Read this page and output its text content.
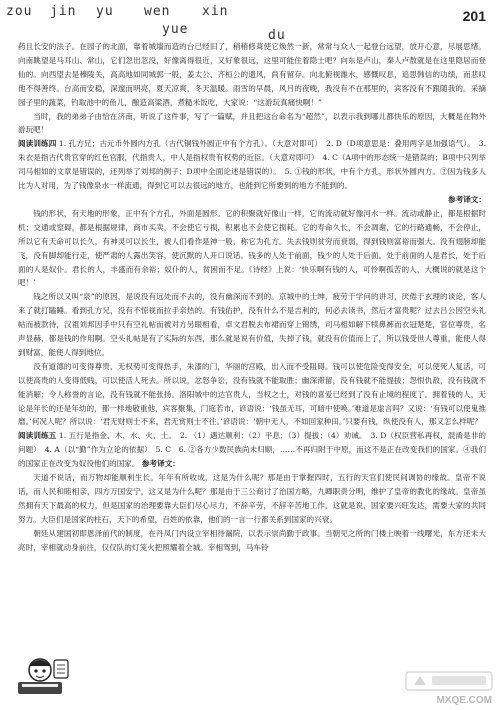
zou jin yu wen xin
yue	du
201

药且长安的法子。在园子的北面，靠着城墙而造的台已经旧了，稍稍修葺使它焕然一新，常常与众人一起登台远望，放开心意，尽展思绪。向南眺望是马耳山、常山，它们忽出忽没，好像离得很近，又好象很远，这里可能住着隐士吧？向东是卢山，秦人卢敖就是在这里隐居而登仙的。向西望去是穆陵关，高高地如同城郭一般，姜太公、齐桓公的遗风，尚有留存。向北俯视潍水，感慨叹息，追思韩信的功绩，而悲叹他不得善终。台高而安稳，深邃而明亮，夏天凉爽，冬天温暖。雨雪的早晨，风月的夜晚，我没有不在那里的，宾客没有不跟随我的。采摘园子里的蔬菜，钓取池中的鱼儿，酿造高粱酒，煮糙米饭吃，大家说：“这游玩真痛快啊！”

当时，我的弟弟子由恰在济南，听说了这件事，写了一篇赋，并且把这台命名为“超然”，以表示我到哪儿都快乐的原因，大概是在物外游玩吧！

阅读训练四 1. 孔方兄；古元币外圆内方孔（古代铜钱外圆正中有个方孔）。（大意对即可）　2. D（D项意思是：叠用两字是加强语气）。　3. 朱衣是指古代贵官穿的红色官服，代指贵人，中人是指权贵有权势的近臣。（大意对即可）　4. C（A项中的形态统一是错误的；B项中只列举司马相如的文章是错误的，还列举了刘邦的例子；D项中全面论述是错误的）。　5. ①钱的形状，中有个方孔，形状外圆内方。②因为钱多人比为人对用，为了钱像泉水一样流通，得到它可以去很远的地方，也能到它所要到的地方不能到的。

参考译文：

钱的形状，有天地的形象，正中有个方孔，外面是圆形。它的积聚就好像山一样，它的流动就好像河水一样。流动或静止，都是根据时机；交通或窒碍，都是根据规律，商市买卖，不会使它亏损，积累也不会使它损耗。它的寿命久长，不会凋谢，它的行路通畅，不会停止，所以它有天命可以长久，有神灵可以长生，被人们看作是神一般，称它为孔方。失去钱则贫穷而衰弱，得到钱则富裕而强大。没有翅膀却能飞，没有脚却能行走，使严肃的人露出笑容，使沉默的人开口说话。钱多的人处于前面，钱少的人处于后面。处于前面的人是君长，处于后面的人是奴仆。君长的人，丰盛而有余裕；奴仆的人，贫困而不足。《诗经》上说：‘快乐啊有钱的人，可怜啊孤苦的人，大概说的就是这个吧！’

钱之所以又叫“泉”的原因，是说没有远处而不去的，没有幽深而不到的。京城中的士绅，疲劳于学问的讲习，厌倦于玄理的谈论，客人来了就打瞌睡。看到孔方兄，没有不惊视而拉手亲热的。有钱佑护，没有什么不是吉利的，何必去读书，然后才富贵呢？过去吕公因空头礼帖而被款待，汉祖刘邦因手中只有空礼帖而被对方另眼相看，卓文君脱去布裙而穿上锦绣，司马相如解下犊鼻裤而衣冠楚楚，官位尊贵，名声显赫，都是钱的作用啊。空头礼帖是有了实际的东西，那么就是说有价值，失掉了钱，就没有价值而上了，所以钱受世人尊重，能使人得到财富，能使人得到地位。

没有道德的可变得尊贵，无权势可变得热手，朱漆的门，华丽的宫殿，出入而不受阻碍。钱可以使危险变得安全，可以使死人复活，可以使高贵的人变得低贱，可以使活人死去。所以说，忿怒争讼，没有钱就不能取胜；幽深滞留，没有钱就不能提拔；怨恨仇敌，没有钱就不能消解；令人称誉的言论，没有钱就不能张扬。洛阳城中的达官贵人，当权之士，对钱的喜爱已经到了没有止境的程度了。拥着钱的人，无论是年长的还是年幼的，都一样地敬重他，宾客聚集，门庭若市，谚语说：‘钱虽无耳，可暗中使唤。’难道是虚言吗？又说：‘有钱可以使鬼推磨。’何况人呢？所以说：‘君无财则士不来，君无赏则士不往。’谚语说：‘朝中无人，不如回家种田。’只要有钱，纵使没有人，那又怎么样呢？

阅读训练五 1. 五行是指金、木、水、火、土。　2. （1）遇达顺利；（2）平息；（3）提拔；（4）劝诫。　3. D（权臣营私再权，混淆是非的问题）　4. A（以“勤”作为立论的依据）　5. C　6. ②各方少数民族尚未归顺，……不再归附于中原，而这不是正在改变我们的国家。④我们的国家正在改变为奴役他们的国家。 参考译文：

天道不说话，而万物却能顺利生长。年年有所收成，这是为什么呢？那是由于掌握四时，五行的天官们使民间调协的缘故。皇帝不说话，而人民和睦相亲，四方万国安宁，这又是为什么呢？那是由于三公商讨了治国方略，九卿职责分明，维护了皇帝的教化的缘故。皇帝虽然拥有天下最高的权力，但是国家的治理要靠大臣们尽心尽力，不辞辛劳，不辞辛苦地工作，这就是说，国家要兴旺发达，需要大家的共同努力。大臣们是国家的柱石，天下的希望，百姓的依靠，他们的一言一行都关系到国家的兴衰。

朝廷从建国初即恩泽前代的制度，在丹凤门内设立宰相待漏院，以表示崇尚勤于政事。当朝见之所的门楼上映着一线曙光，东方还未大亮时，宰相就动身前往，仅仅队的灯笼火把照耀着全城。宰相驾到，马车铃

MXQE.COM
